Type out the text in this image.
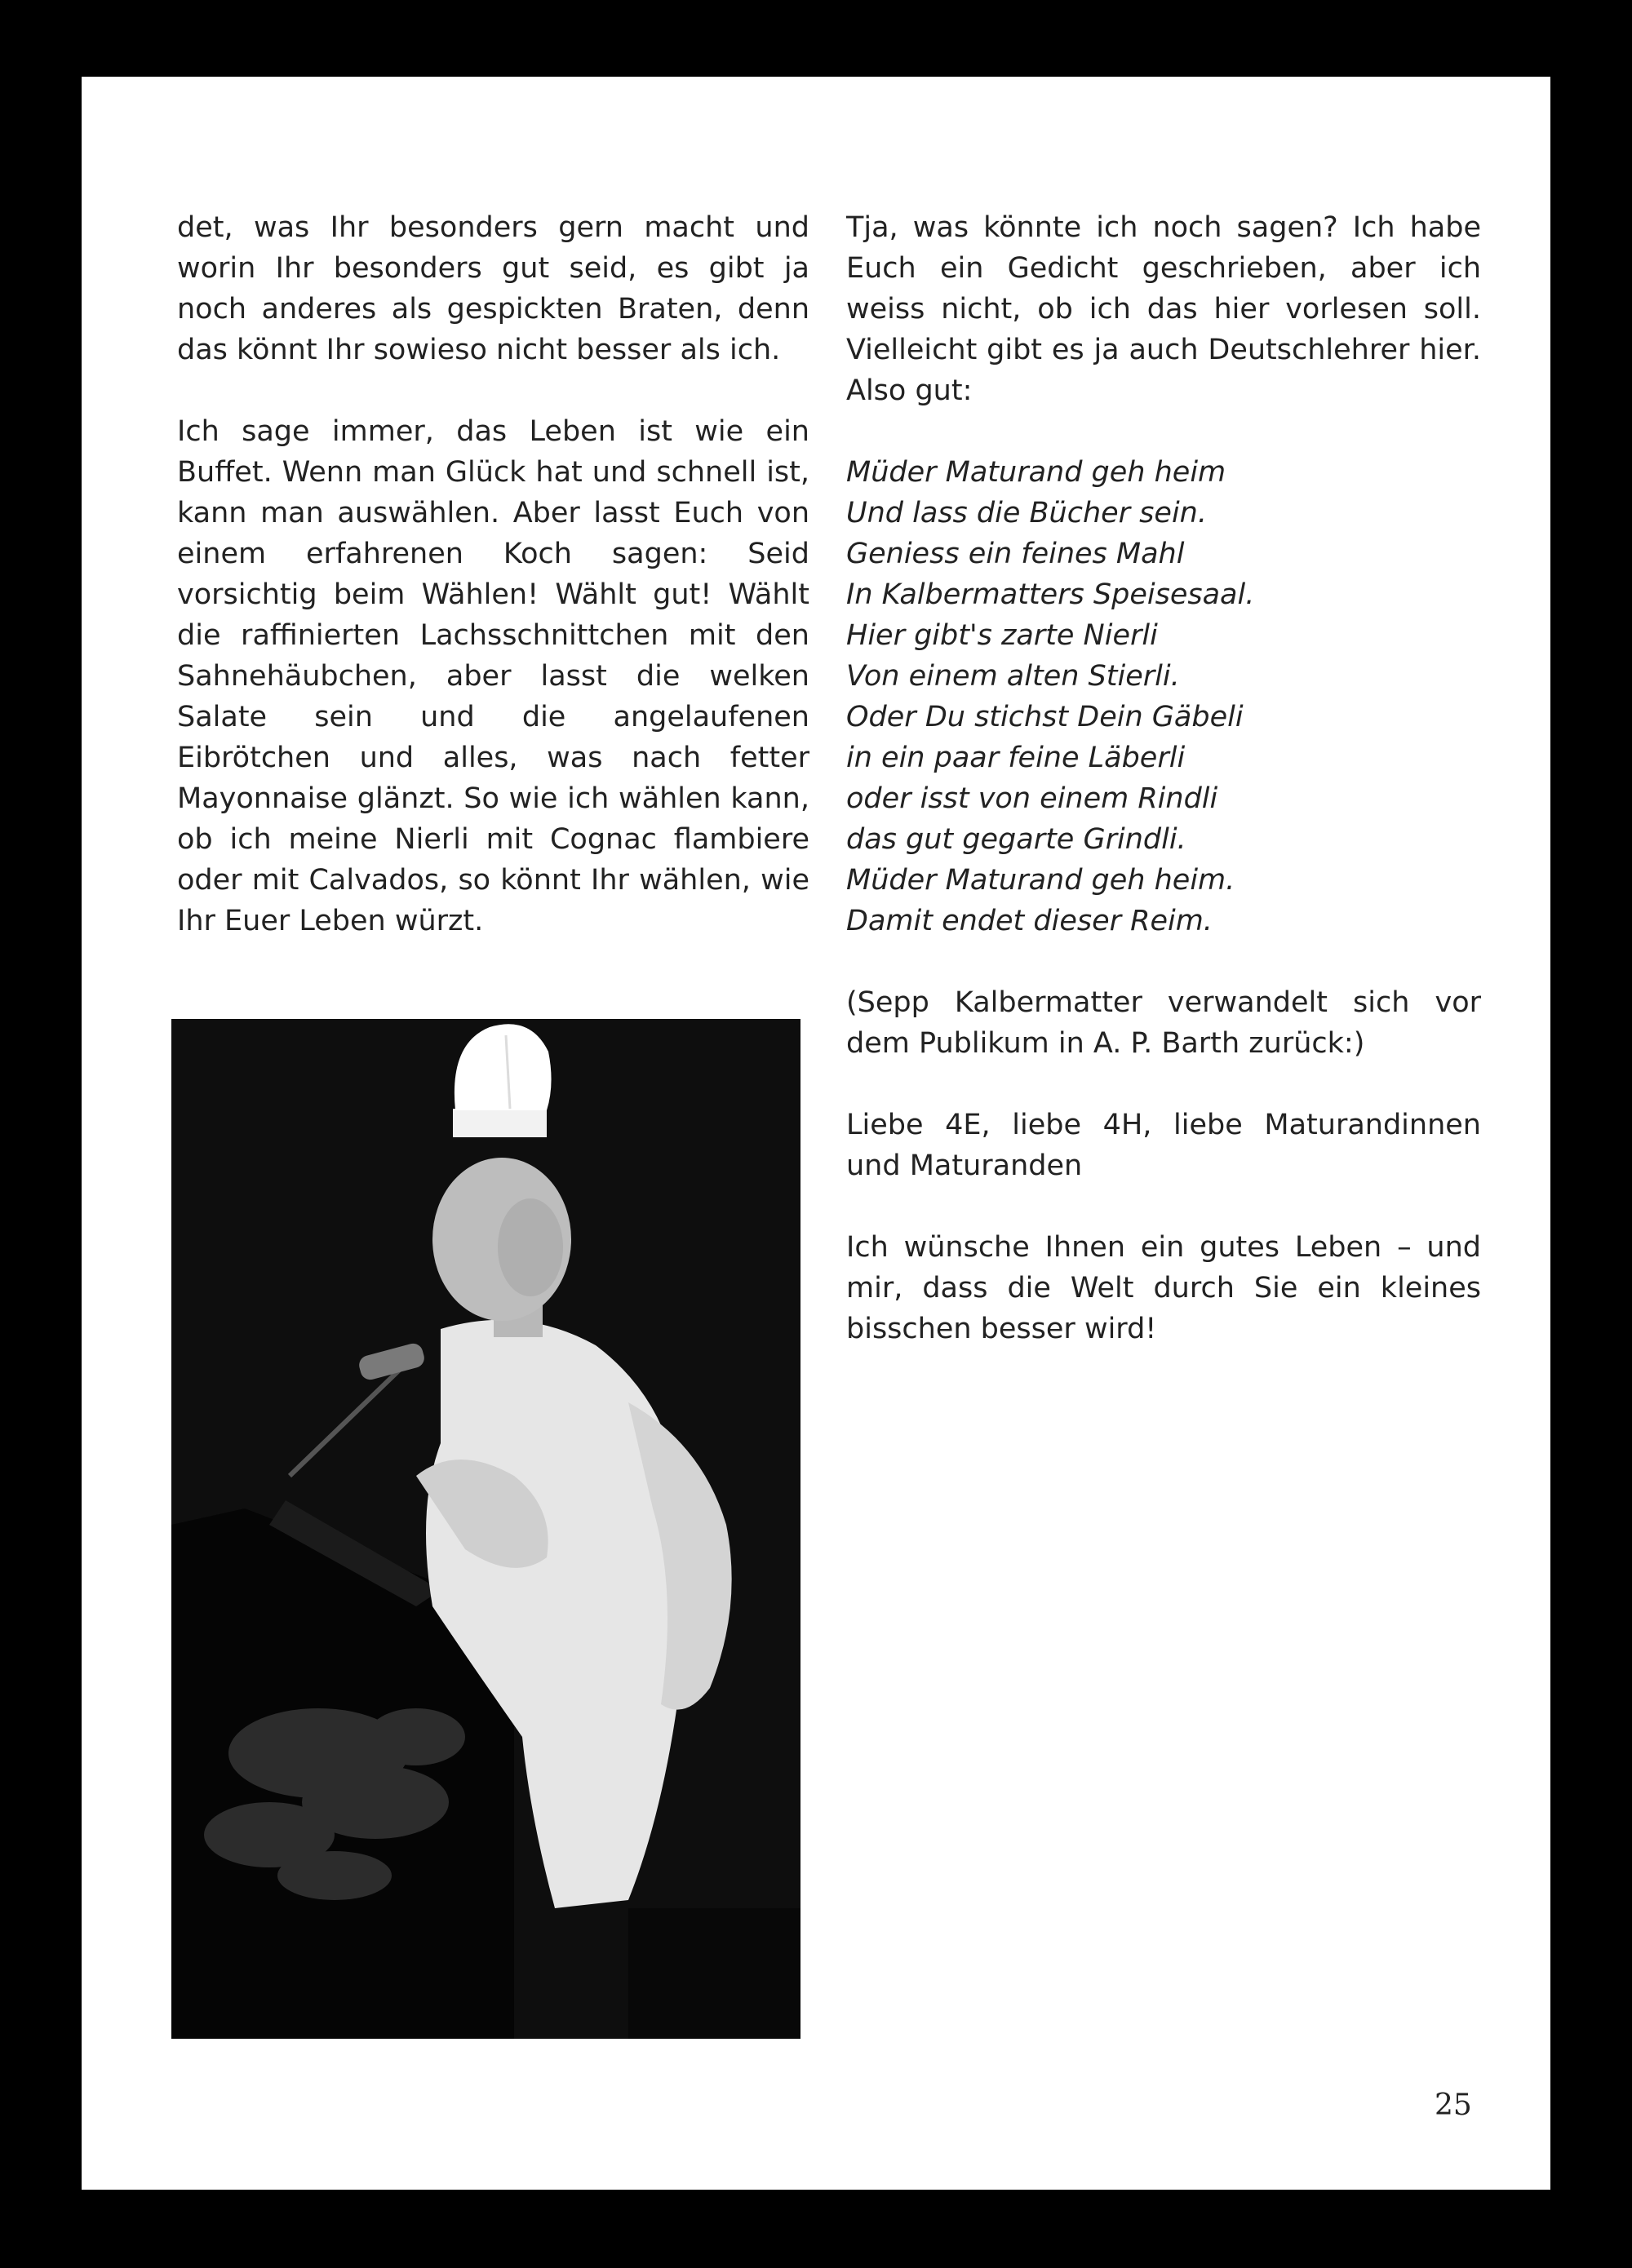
det, was Ihr besonders gern macht und worin Ihr besonders gut seid, es gibt ja noch anderes als gespickten Braten, denn das könnt Ihr sowieso nicht besser als ich.

Ich sage immer, das Leben ist wie ein Buffet. Wenn man Glück hat und schnell ist, kann man auswählen. Aber lasst Euch von einem erfahrenen Koch sagen: Seid vorsichtig beim Wählen! Wählt gut! Wählt die raffinierten Lachsschnittchen mit den Sahnehäubchen, aber lasst die welken Salate sein und die angelaufenen Eibrötchen und alles, was nach fetter Mayonnaise glänzt. So wie ich wählen kann, ob ich meine Nierli mit Cognac flambiere oder mit Calvados, so könnt Ihr wählen, wie Ihr Euer Leben würzt.

Tja, was könnte ich noch sagen? Ich habe Euch ein Gedicht geschrieben, aber ich weiss nicht, ob ich das hier vorlesen soll. Vielleicht gibt es ja auch Deutschlehrer hier. Also gut:

Müder Maturand geh heim
Und lass die Bücher sein.
Geniess ein feines Mahl
In Kalbermatters Speisesaal.
Hier gibt's zarte Nierli
Von einem alten Stierli.
Oder Du stichst Dein Gäbeli
in ein paar feine Läberli
oder isst von einem Rindli
das gut gegarte Grindli.
Müder Maturand geh heim.
Damit endet dieser Reim.

(Sepp Kalbermatter verwandelt sich vor dem Publikum in A. P. Barth zurück:)

Liebe 4E, liebe 4H, liebe Maturandinnen und Maturanden

Ich wünsche Ihnen ein gutes Leben – und mir, dass die Welt durch Sie ein kleines bisschen besser wird!

25
